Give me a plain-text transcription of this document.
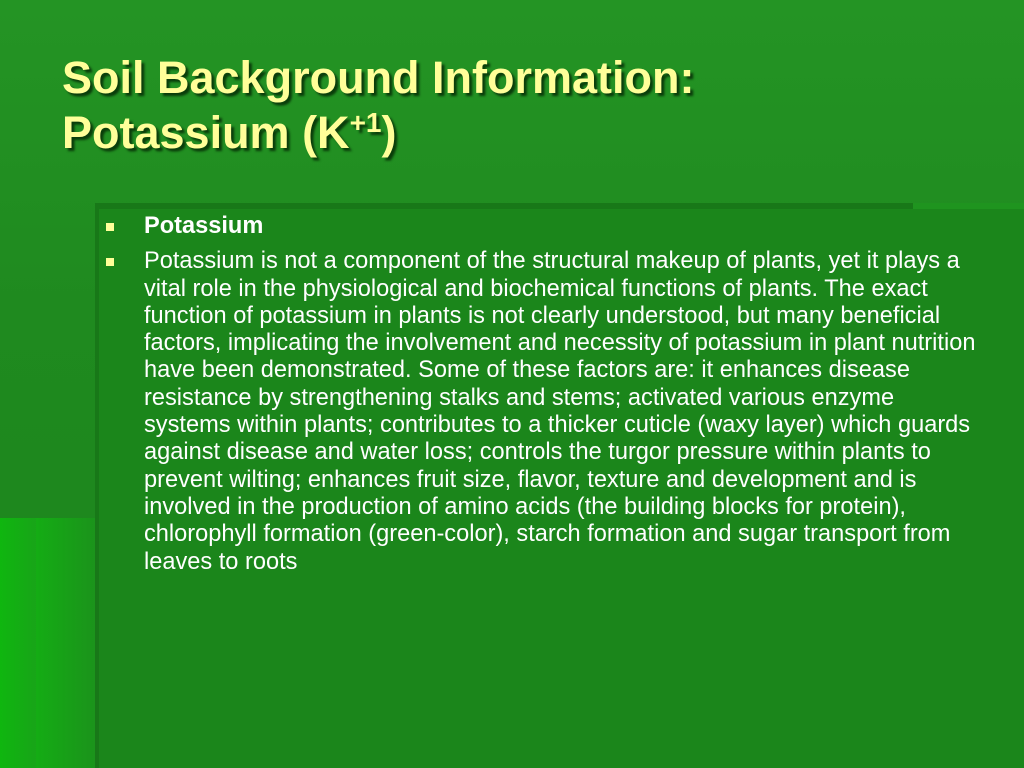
Soil Background Information:
Potassium $(K^{+1})$
Potassium
Potassium is not a component of the structural makeup of plants, yet it plays a vital role in the physiological and biochemical functions of plants. The exact function of potassium in plants is not clearly understood, but many beneficial factors, implicating the involvement and necessity of potassium in plant nutrition have been demonstrated. Some of these factors are: it enhances disease resistance by strengthening stalks and stems; activated various enzyme systems within plants; contributes to a thicker cuticle (waxy layer) which guards against disease and water loss; controls the turgor pressure within plants to prevent wilting; enhances fruit size, flavor, texture and development and is involved in the production of amino acids (the building blocks for protein), chlorophyll formation (green-color), starch formation and sugar transport from leaves to roots
